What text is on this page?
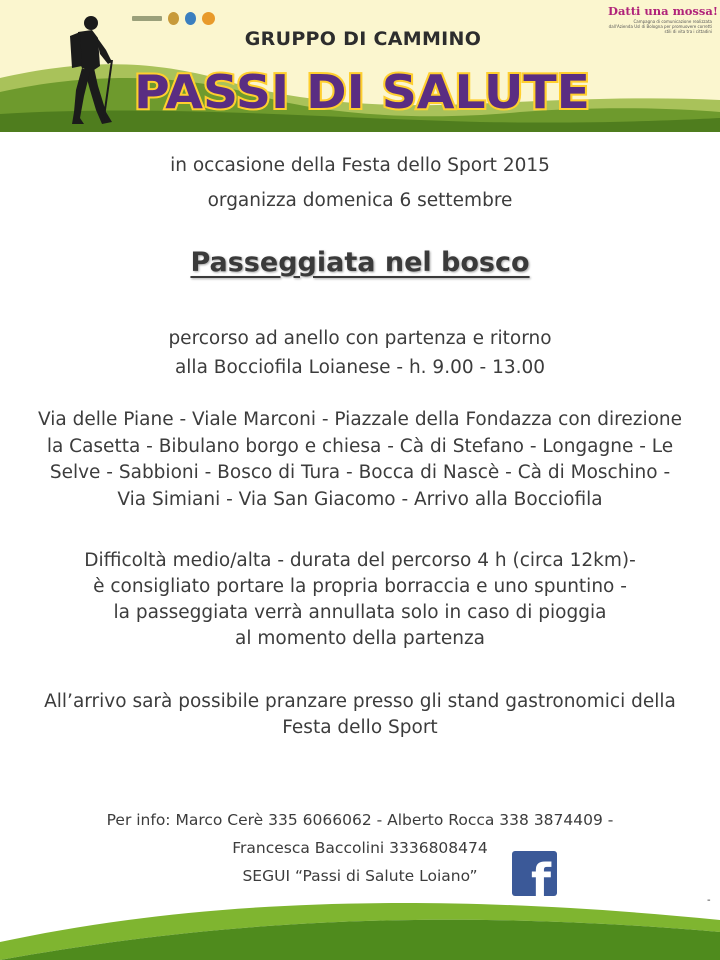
GRUPPO DI CAMMINO
PASSI DI SALUTE
Datti una mossa!
Campagna di comunicazione realizzata dall'Azienda Usl di Bologna per promuovere corretti stili di vita tra i cittadini

in occasione della Festa dello Sport 2015

organizza domenica 6 settembre

Passeggiata nel bosco

percorso ad anello con partenza e ritorno

alla Bocciofila Loianese - h. 9.00 - 13.00

Via delle Piane - Viale Marconi - Piazzale della Fondazza con direzione

la Casetta - Bibulano borgo e chiesa - Cà di Stefano - Longagne - Le

Selve - Sabbioni - Bosco di Tura - Bocca di Nascè - Cà di Moschino -

Via Simiani - Via San Giacomo - Arrivo alla Bocciofila

Difficoltà medio/alta - durata del percorso 4 h (circa 12km)-

è consigliato portare la propria borraccia e uno spuntino -

la passeggiata verrà annullata solo in caso di pioggia

al momento della partenza

All’arrivo sarà possibile pranzare presso gli stand gastronomici della

Festa dello Sport

Per info: Marco Cerè 335 6066062 - Alberto Rocca 338 3874409 -

Francesca Baccolini 3336808474

SEGUI “Passi di Salute Loiano”	f	-
